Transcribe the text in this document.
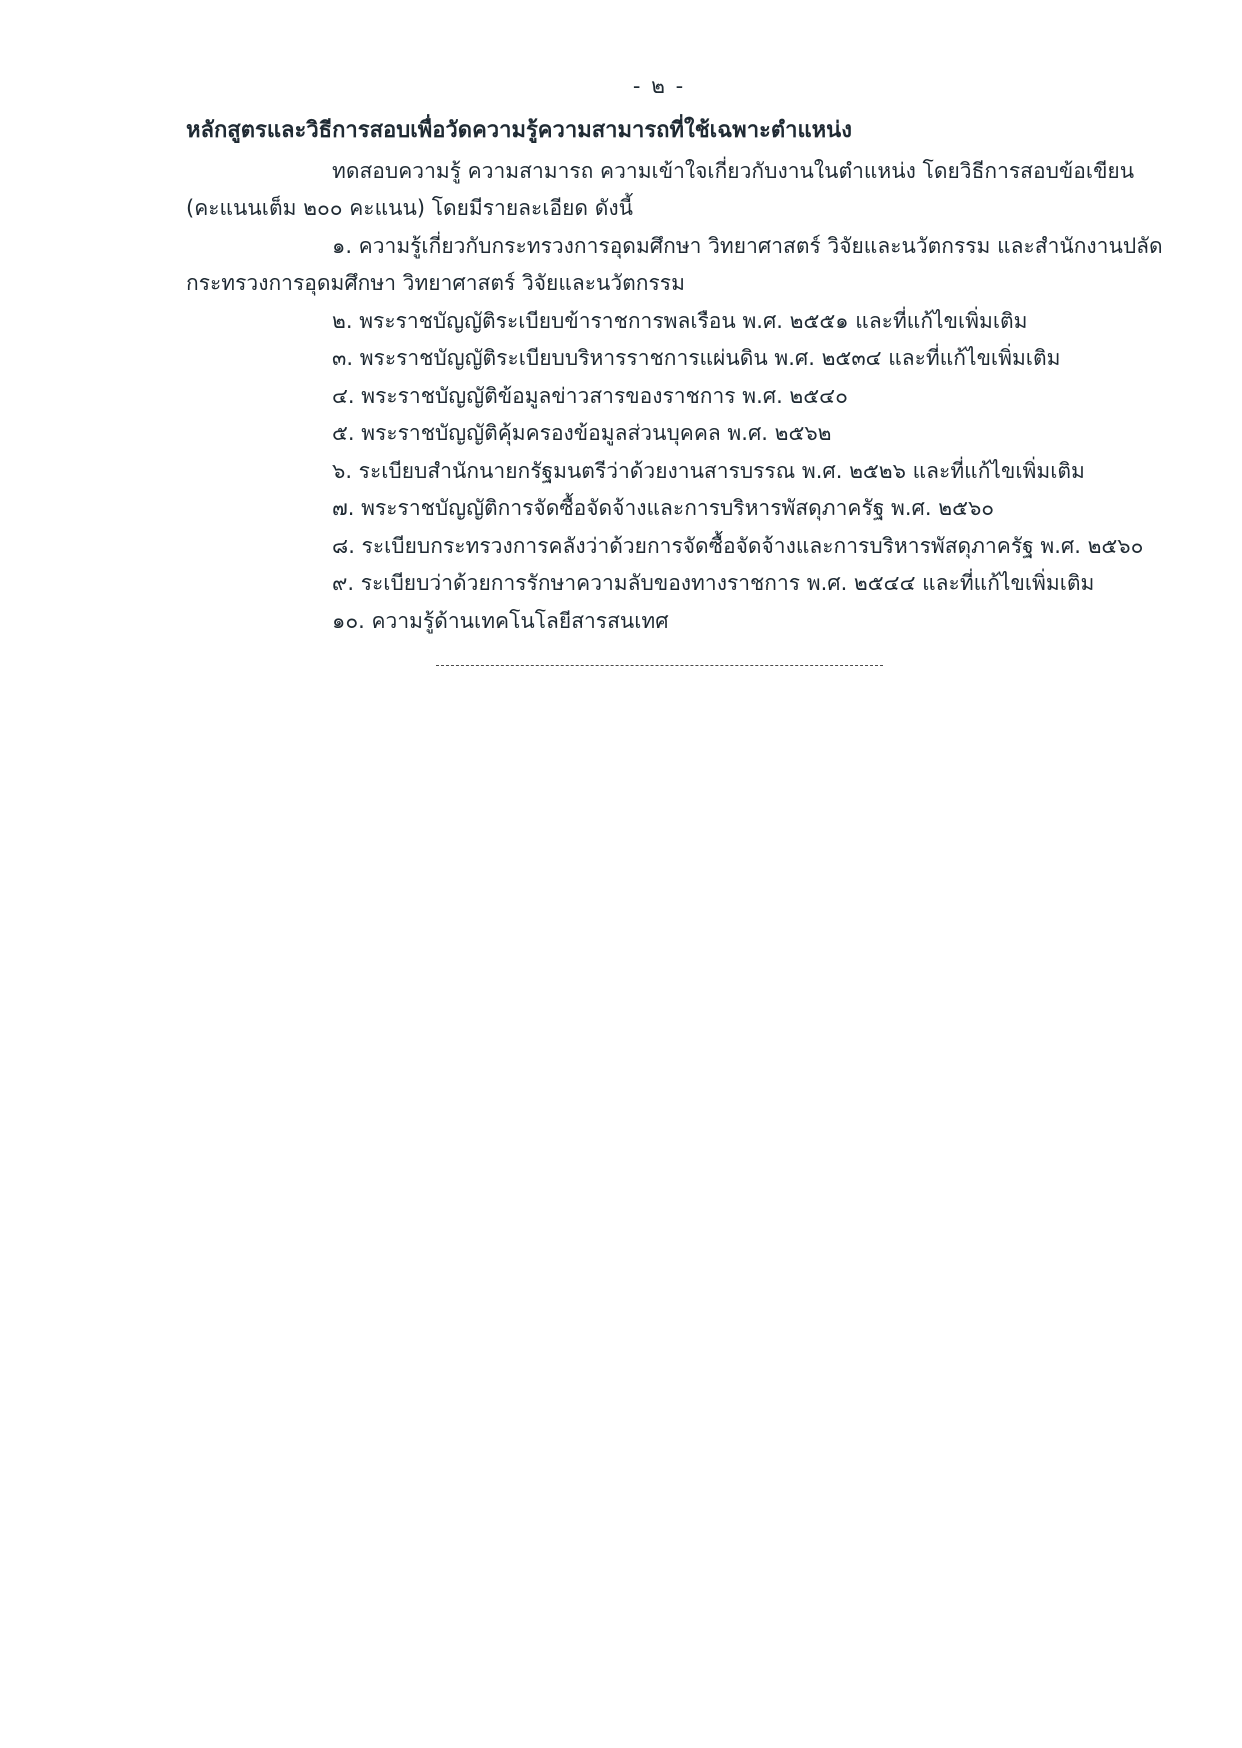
- ๒ -
หลักสูตรและวิธีการสอบเพื่อวัดความรู้ความสามารถที่ใช้เฉพาะตำแหน่ง
ทดสอบความรู้ ความสามารถ ความเข้าใจเกี่ยวกับงานในตำแหน่ง โดยวิธีการสอบข้อเขียน
(คะแนนเต็ม ๒๐๐ คะแนน) โดยมีรายละเอียด ดังนี้
๑. ความรู้เกี่ยวกับกระทรวงการอุดมศึกษา วิทยาศาสตร์ วิจัยและนวัตกรรม และสำนักงานปลัด
กระทรวงการอุดมศึกษา วิทยาศาสตร์ วิจัยและนวัตกรรม
๒. พระราชบัญญัติระเบียบข้าราชการพลเรือน พ.ศ. ๒๕๕๑ และที่แก้ไขเพิ่มเติม
๓. พระราชบัญญัติระเบียบบริหารราชการแผ่นดิน พ.ศ. ๒๕๓๔ และที่แก้ไขเพิ่มเติม
๔. พระราชบัญญัติข้อมูลข่าวสารของราชการ พ.ศ. ๒๕๔๐
๕. พระราชบัญญัติคุ้มครองข้อมูลส่วนบุคคล พ.ศ. ๒๕๖๒
๖. ระเบียบสำนักนายกรัฐมนตรีว่าด้วยงานสารบรรณ พ.ศ. ๒๕๒๖ และที่แก้ไขเพิ่มเติม
๗. พระราชบัญญัติการจัดซื้อจัดจ้างและการบริหารพัสดุภาครัฐ พ.ศ. ๒๕๖๐
๘. ระเบียบกระทรวงการคลังว่าด้วยการจัดซื้อจัดจ้างและการบริหารพัสดุภาครัฐ พ.ศ. ๒๕๖๐
๙. ระเบียบว่าด้วยการรักษาความลับของทางราชการ พ.ศ. ๒๕๔๔ และที่แก้ไขเพิ่มเติม
๑๐. ความรู้ด้านเทคโนโลยีสารสนเทศ
